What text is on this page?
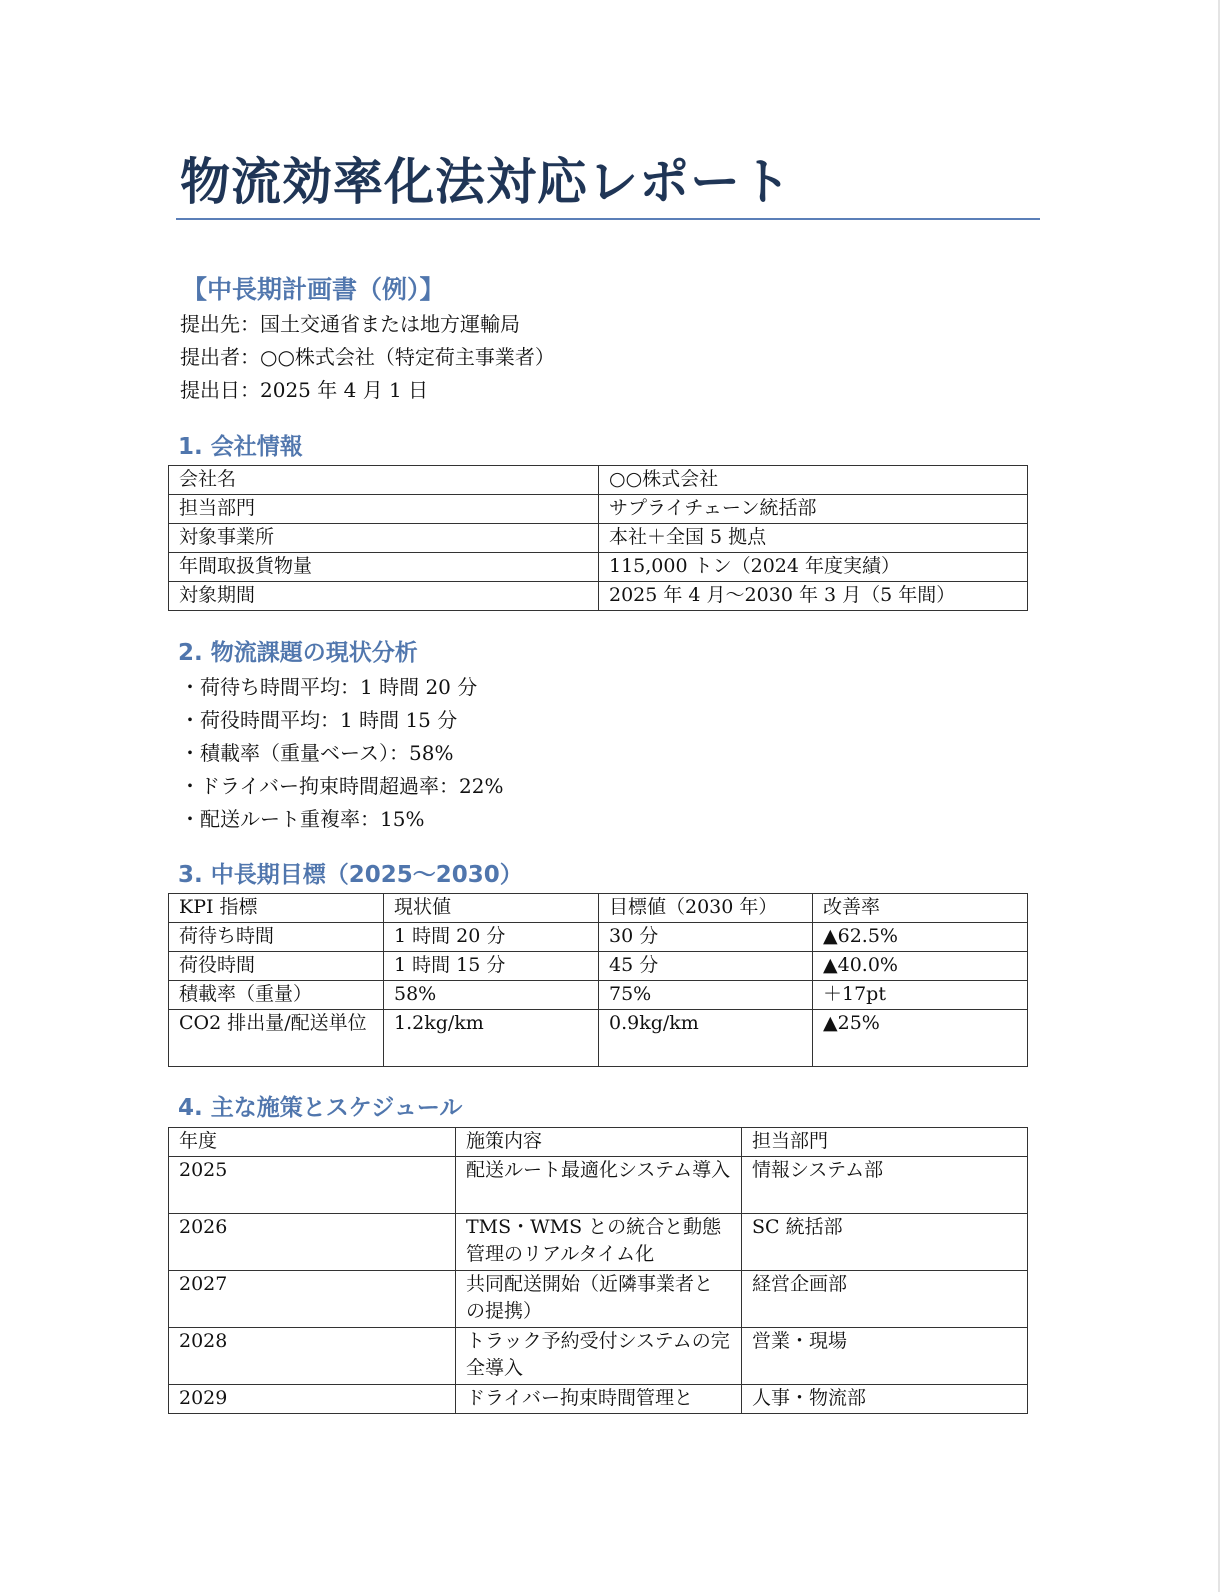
物流効率化法対応レポート
【中長期計画書（例）】
提出先：国土交通省または地方運輸局
提出者：○○株式会社（特定荷主事業者）
提出日：2025 年 4 月 1 日
1. 会社情報
会社名	○○株式会社
担当部門	サプライチェーン統括部
対象事業所	本社＋全国 5 拠点
年間取扱貨物量	115,000 トン（2024 年度実績）
対象期間	2025 年 4 月〜2030 年 3 月（5 年間）
2. 物流課題の現状分析
・荷待ち時間平均：1 時間 20 分
・荷役時間平均：1 時間 15 分
・積載率（重量ベース）：58%
・ドライバー拘束時間超過率：22%
・配送ルート重複率：15%
3. 中長期目標（2025〜2030）
KPI 指標	現状値	目標値（2030 年）	改善率
荷待ち時間	1 時間 20 分	30 分	▲62.5%
荷役時間	1 時間 15 分	45 分	▲40.0%
積載率（重量）	58%	75%	＋17pt
CO2 排出量/配送単位	1.2kg/km	0.9kg/km	▲25%
4. 主な施策とスケジュール
年度	施策内容	担当部門
2025	配送ルート最適化システム導入	情報システム部
2026	TMS・WMS との統合と動態管理のリアルタイム化	SC 統括部
2027	共同配送開始（近隣事業者との提携）	経営企画部
2028	トラック予約受付システムの完全導入	営業・現場
2029	ドライバー拘束時間管理と	人事・物流部
